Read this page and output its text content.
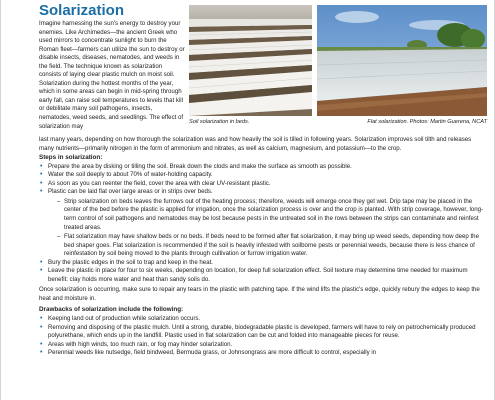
Solarization
Imagine harnessing the sun's energy to destroy your enemies. Like Archimedes—the ancient Greek who used mirrors to concentrate sunlight to burn the Roman fleet—farmers can utilize the sun to destroy or disable insects, diseases, nematodes, and weeds in the field. The technique known as solarization consists of laying clear plastic mulch on moist soil. Solarization during the hottest months of the year, which in some areas can begin in mid-spring through early fall, can raise soil temperatures to levels that kill or debilitate many soil pathogens, insects, nematodes, weed seeds, and seedlings. The effect of solarization may
Soil solarization in beds.	Flat solarization. Photos: Martin Guerena, NCAT
last many years, depending on how thorough the solarization was and how heavily the soil is tilled in following years. Solarization improves soil tilth and releases many nutrients—primarily nitrogen in the form of ammonium and nitrates, as well as calcium, magnesium, and potassium—to the crop.
Steps in solarization:
• Prepare the area by disking or tilling the soil. Break down the clods and make the surface as smooth as possible.
• Water the soil deeply to about 70% of water-holding capacity.
• As soon as you can reenter the field, cover the area with clear UV-resistant plastic.
• Plastic can be laid flat over large areas or in strips over beds.
– Strip solarization on beds leaves the furrows out of the heating process; therefore, weeds will emerge once they get wet. Drip tape may be placed in the center of the bed before the plastic is applied for irrigation, once the solarization process is over and the crop is planted. With strip coverage, however, long-term control of soil pathogens and nematodes may be lost because pests in the untreated soil in the rows between the strips can contaminate and reinfest treated areas.
– Flat solarization may have shallow beds or no beds. If beds need to be formed after flat solarization, it may bring up weed seeds, depending how deep the bed shaper goes. Flat solarization is recommended if the soil is heavily infested with soilborne pests or perennial weeds, because there is less chance of reinfestation by soil being moved to the plants through cultivation or furrow irrigation water.
• Bury the plastic edges in the soil to trap and keep in the heat.
• Leave the plastic in place for four to six weeks, depending on location, for deep full solarization effect. Soil texture may determine time needed for maximum benefit: clay holds more water and heat than sandy soils do.
Once solarization is occurring, make sure to repair any tears in the plastic with patching tape. If the wind lifts the plastic's edge, quickly rebury the edges to keep the heat and moisture in.
Drawbacks of solarization include the following:
• Keeping land out of production while solarization occurs.
• Removing and disposing of the plastic mulch. Until a strong, durable, biodegradable plastic is developed, farmers will have to rely on petrochemically produced polyurethane, which ends up in the landfill. Plastic used in flat solarization can be cut and folded into manageable pieces for reuse.
• Areas with high winds, too much rain, or fog may hinder solarization.
• Perennial weeds like nutsedge, field bindweed, Bermuda grass, or Johnsongrass are more difficult to control, especially in
